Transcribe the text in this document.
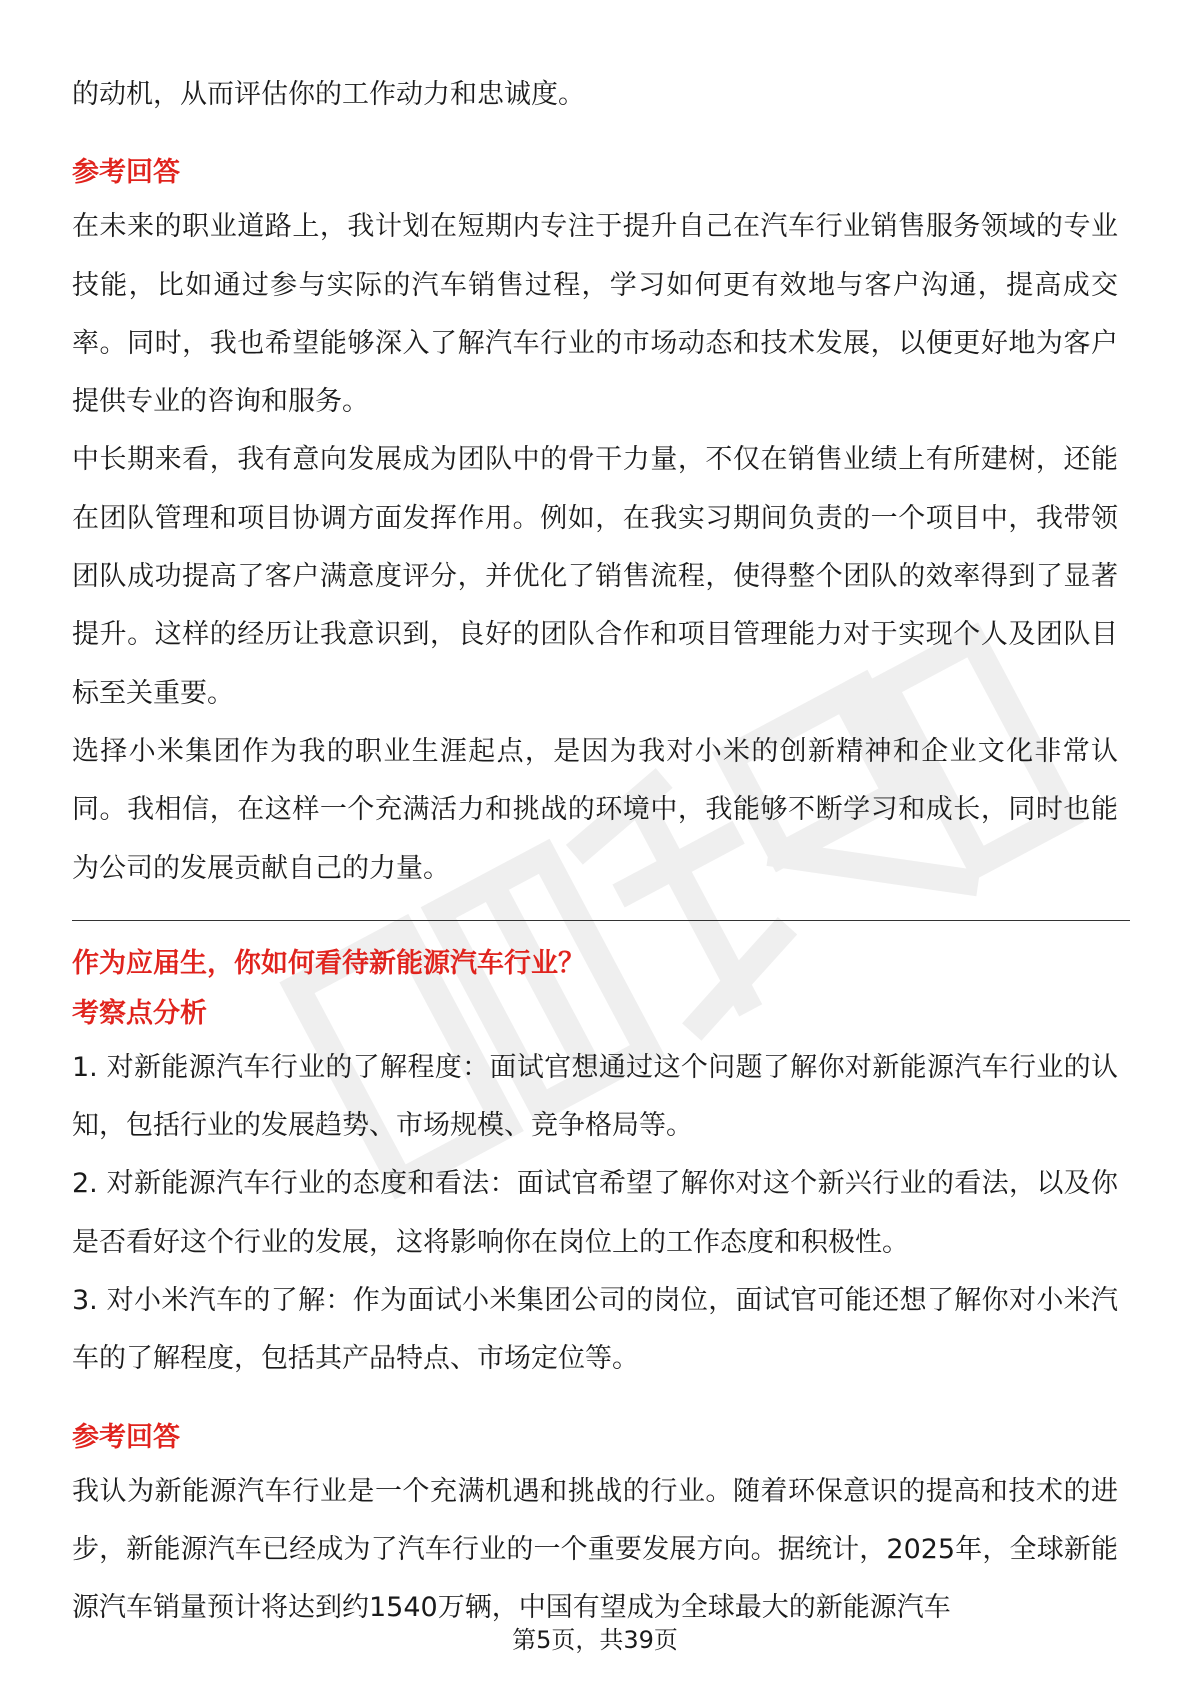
的动机，从而评估你的工作动力和忠诚度。

参考回答

在未来的职业道路上，我计划在短期内专注于提升自己在汽车行业销售服务领域的专业技能，比如通过参与实际的汽车销售过程，学习如何更有效地与客户沟通，提高成交率。同时，我也希望能够深入了解汽车行业的市场动态和技术发展，以便更好地为客户提供专业的咨询和服务。

中长期来看，我有意向发展成为团队中的骨干力量，不仅在销售业绩上有所建树，还能在团队管理和项目协调方面发挥作用。例如，在我实习期间负责的一个项目中，我带领团队成功提高了客户满意度评分，并优化了销售流程，使得整个团队的效率得到了显著提升。这样的经历让我意识到，良好的团队合作和项目管理能力对于实现个人及团队目标至关重要。

选择小米集团作为我的职业生涯起点，是因为我对小米的创新精神和企业文化非常认同。我相信，在这样一个充满活力和挑战的环境中，我能够不断学习和成长，同时也能为公司的发展贡献自己的力量。

作为应届生，你如何看待新能源汽车行业？

考察点分析

1. 对新能源汽车行业的了解程度：面试官想通过这个问题了解你对新能源汽车行业的认知，包括行业的发展趋势、市场规模、竞争格局等。

2. 对新能源汽车行业的态度和看法：面试官希望了解你对这个新兴行业的看法，以及你是否看好这个行业的发展，这将影响你在岗位上的工作态度和积极性。

3. 对小米汽车的了解：作为面试小米集团公司的岗位，面试官可能还想了解你对小米汽车的了解程度，包括其产品特点、市场定位等。

参考回答

我认为新能源汽车行业是一个充满机遇和挑战的行业。随着环保意识的提高和技术的进步，新能源汽车已经成为了汽车行业的一个重要发展方向。据统计，2025年，全球新能源汽车销量预计将达到约1540万辆，中国有望成为全球最大的新能源汽车

第5页，共39页
